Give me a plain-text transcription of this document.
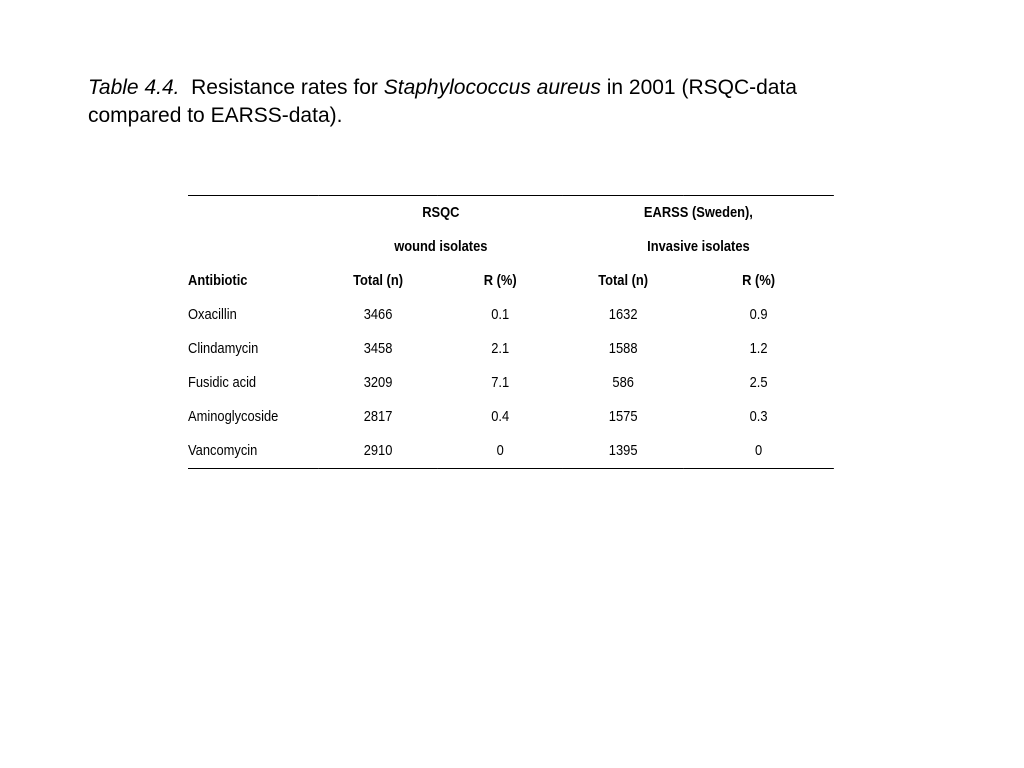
Table 4.4. Resistance rates for Staphylococcus aureus in 2001 (RSQC-data
compared to EARSS-data).

	RSQC		EARSS (Sweden),	
	wound isolates		Invasive isolates	
Antibiotic	Total (n)	R (%)	Total (n)	R (%)
Oxacillin	3466	0.1	1632	0.9
Clindamycin	3458	2.1	1588	1.2
Fusidic acid	3209	7.1	586	2.5
Aminoglycoside	2817	0.4	1575	0.3
Vancomycin	2910	0	1395	0
